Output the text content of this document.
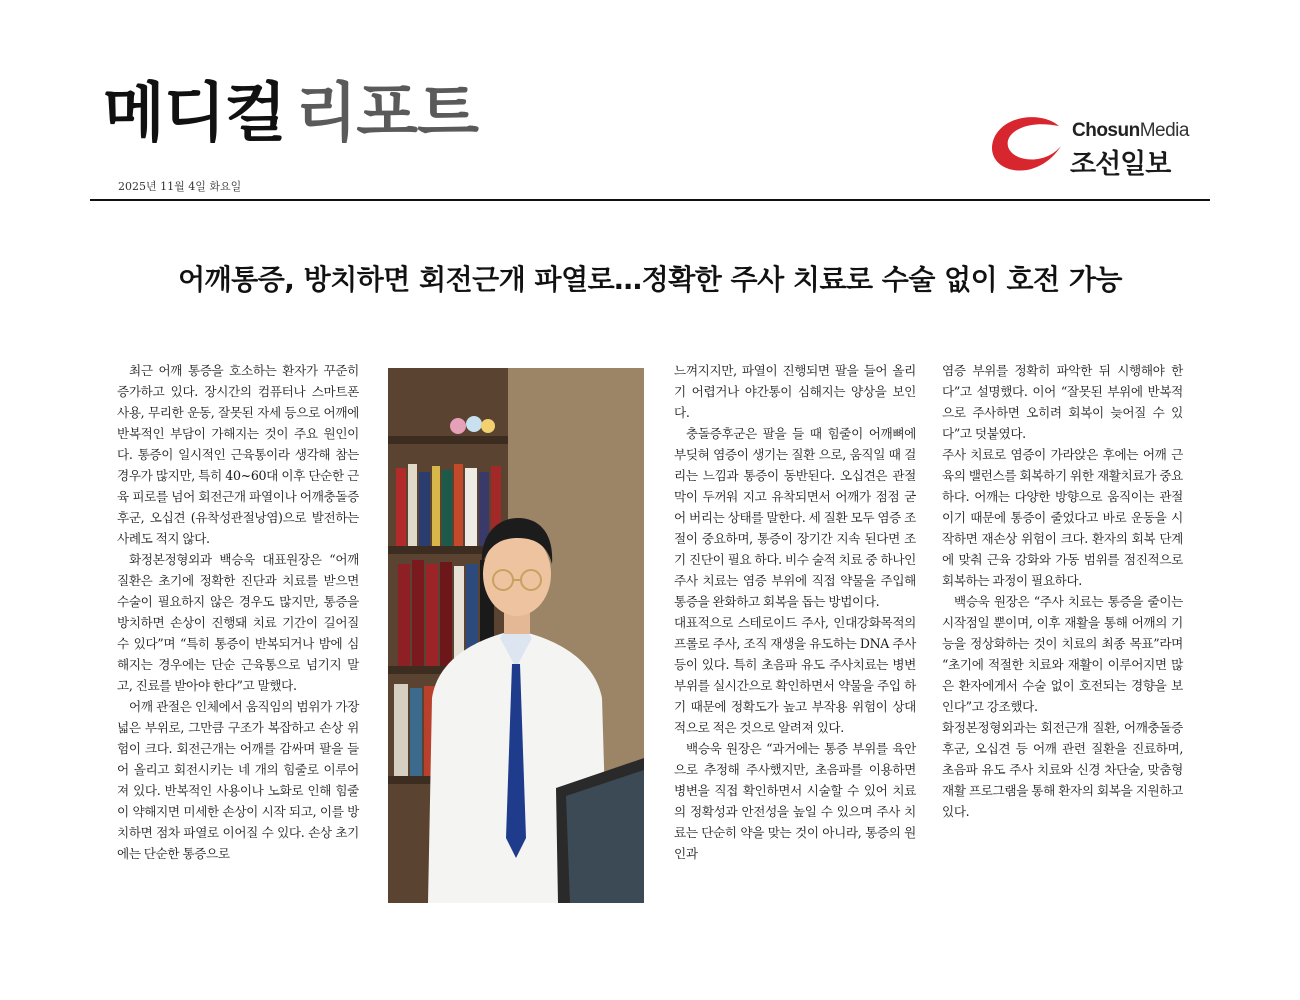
메디컬 리포트
2025년 11월 4일 화요일
ChosunMedia
조선일보
어깨통증, 방치하면 회전근개 파열로…정확한 주사 치료로 수술 없이 호전 가능

최근 어깨 통증을 호소하는 환자가 꾸준히 증가하고 있다. 장시간의 컴퓨터나 스마트폰 사용, 무리한 운동, 잘못된 자세 등으로 어깨에 반복적인 부담이 가해지는 것이 주요 원인이다. 통증이 일시적인 근육통이라 생각해 참는 경우가 많지만, 특히 40~60대 이후 단순한 근육 피로를 넘어 회전근개 파열이나 어깨충돌증후군, 오십견 (유착성관절낭염)으로 발전하는 사례도 적지 않다.

화정본정형외과 백승욱 대표원장은 “어깨 질환은 초기에 정확한 진단과 치료를 받으면 수술이 필요하지 않은 경우도 많지만, 통증을 방치하면 손상이 진행돼 치료 기간이 길어질 수 있다”며 “특히 통증이 반복되거나 밤에 심해지는 경우에는 단순 근육통으로 넘기지 말고, 진료를 받아야 한다”고 말했다.

어깨 관절은 인체에서 움직임의 범위가 가장 넓은 부위로, 그만큼 구조가 복잡하고 손상 위험이 크다. 회전근개는 어깨를 감싸며 팔을 들어 올리고 회전시키는 네 개의 힘줄로 이루어져 있다. 반복적인 사용이나 노화로 인해 힘줄이 약해지면 미세한 손상이 시작 되고, 이를 방치하면 점차 파열로 이어질 수 있다. 손상 초기에는 단순한 통증으로

느껴지지만, 파열이 진행되면 팔을 들어 올리기 어렵거나 야간통이 심해지는 양상을 보인다.

충돌증후군은 팔을 들 때 힘줄이 어깨뼈에 부딪혀 염증이 생기는 질환 으로, 움직일 때 걸리는 느낌과 통증이 동반된다. 오십견은 관절막이 두꺼워 지고 유착되면서 어깨가 점점 굳어 버리는 상태를 말한다. 세 질환 모두 염증 조절이 중요하며, 통증이 장기간 지속 된다면 조기 진단이 필요 하다. 비수 술적 치료 중 하나인 주사 치료는 염증 부위에 직접 약물을 주입해 통증을 완화하고 회복을 돕는 방법이다.

대표적으로 스테로이드 주사, 인대강화목적의 프롤로 주사, 조직 재생을 유도하는 DNA 주사 등이 있다. 특히 초음파 유도 주사치료는 병변 부위를 실시간으로 확인하면서 약물을 주입 하기 때문에 정확도가 높고 부작용 위험이 상대적으로 적은 것으로 알려져 있다.

백승욱 원장은 “과거에는 통증 부위를 육안으로 추정해 주사했지만, 초음파를 이용하면 병변을 직접 확인하면서 시술할 수 있어 치료의 정확성과 안전성을 높일 수 있으며 주사 치료는 단순히 약을 맞는 것이 아니라, 통증의 원인과

염증 부위를 정확히 파악한 뒤 시행해야 한다”고 설명했다. 이어 “잘못된 부위에 반복적으로 주사하면 오히려 회복이 늦어질 수 있다”고 덧붙였다.

주사 치료로 염증이 가라앉은 후에는 어깨 근육의 밸런스를 회복하기 위한 재활치료가 중요하다. 어깨는 다양한 방향으로 움직이는 관절이기 때문에 통증이 줄었다고 바로 운동을 시작하면 재손상 위험이 크다. 환자의 회복 단계에 맞춰 근육 강화와 가동 범위를 점진적으로 회복하는 과정이 필요하다.

백승욱 원장은 “주사 치료는 통증을 줄이는 시작점일 뿐이며, 이후 재활을 통해 어깨의 기능을 정상화하는 것이 치료의 최종 목표”라며 “초기에 적절한 치료와 재활이 이루어지면 많은 환자에게서 수술 없이 호전되는 경향을 보인다”고 강조했다.

화정본정형외과는 회전근개 질환, 어깨충돌증후군, 오십견 등 어깨 관련 질환을 진료하며, 초음파 유도 주사 치료와 신경 차단술, 맞춤형 재활 프로그램을 통해 환자의 회복을 지원하고 있다.
